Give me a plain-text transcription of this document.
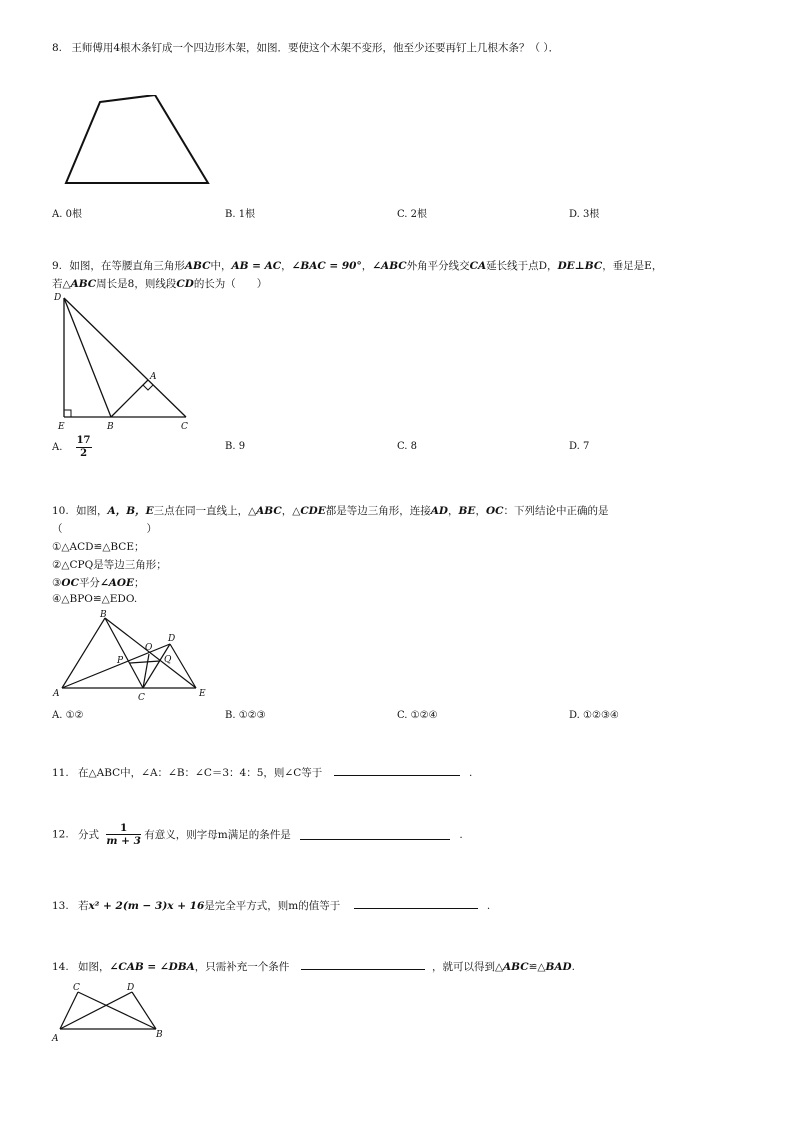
8. 王师傅用4根木条钉成一个四边形木架，如图．要使这个木架不变形，他至少还要再钉上几根木条？（ ）．
A. 0根	B. 1根	C. 2根	D. 3根
9. 如图，在等腰直角三角形ABC中，AB = AC，∠BAC = 90°，∠ABC外角平分线交CA延长线于点D，DE⊥BC，垂足是E，
若△ABC周长是8，则线段CD的长为（　　）
D
A
E	B	C
A. $\frac{17}{2}$	B. 9	C. 8	D. 7
10. 如图，A，B，E三点在同一直线上，△ABC，△CDE都是等边三角形，连接AD，BE，OC：下列结论中正确的是
（　　　　　　　　）
①△ACD≌△BCE；
②△CPQ是等边三角形；
③OC平分∠AOE；
④△BPO≌△EDO.
B
D
O
P	Q
A	C	E
A. ①②	B. ①②③	C. ①②④	D. ①②③④
11. 在△ABC中，∠A：∠B：∠C＝3：4：5，则∠C等于	.
12. 分式 $\frac{1}{m + 3}$ 有意义，则字母m满足的条件是	.
13. 若x² + 2(m − 3)x + 16是完全平方式，则m的值等于	.
14. 如图，∠CAB = ∠DBA，只需补充一个条件	，就可以得到△ABC≌△BAD.
C	D
A	B
